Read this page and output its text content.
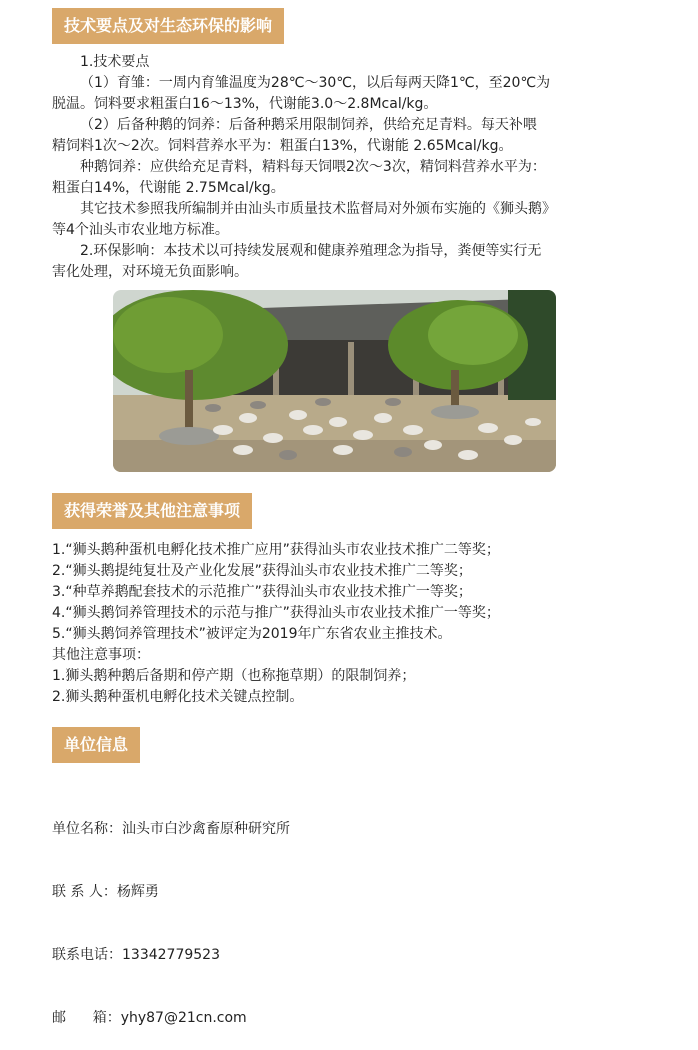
技术要点及对生态环保的影响
1.技术要点
（1）育雏：一周内育雏温度为28℃～30℃，以后每两天降1℃，至20℃为
脱温。饲料要求粗蛋白16～13%，代谢能3.0～2.8Mcal/kg。
（2）后备种鹅的饲养：后备种鹅采用限制饲养，供给充足青料。每天补喂
精饲料1次～2次。饲料营养水平为：粗蛋白13%，代谢能 2.65Mcal/kg。
种鹅饲养：应供给充足青料，精料每天饲喂2次～3次，精饲料营养水平为：
粗蛋白14%，代谢能 2.75Mcal/kg。
其它技术参照我所编制并由汕头市质量技术监督局对外颁布实施的《狮头鹅》
等4个汕头市农业地方标准。
2.环保影响：本技术以可持续发展观和健康养殖理念为指导，粪便等实行无
害化处理，对环境无负面影响。
获得荣誉及其他注意事项
1.“狮头鹅种蛋机电孵化技术推广应用”获得汕头市农业技术推广二等奖；
2.“狮头鹅提纯复壮及产业化发展”获得汕头市农业技术推广二等奖；
3.“种草养鹅配套技术的示范推广”获得汕头市农业技术推广一等奖；
4.“狮头鹅饲养管理技术的示范与推广”获得汕头市农业技术推广一等奖；
5.“狮头鹅饲养管理技术”被评定为2019年广东省农业主推技术。
其他注意事项：
1.狮头鹅种鹅后备期和停产期（也称拖草期）的限制饲养；
2.狮头鹅种蛋机电孵化技术关键点控制。
单位信息

单位名称：汕头市白沙禽畜原种研究所

联 系 人：杨辉勇

联系电话：13342779523

邮      箱：yhy87@21cn.com
